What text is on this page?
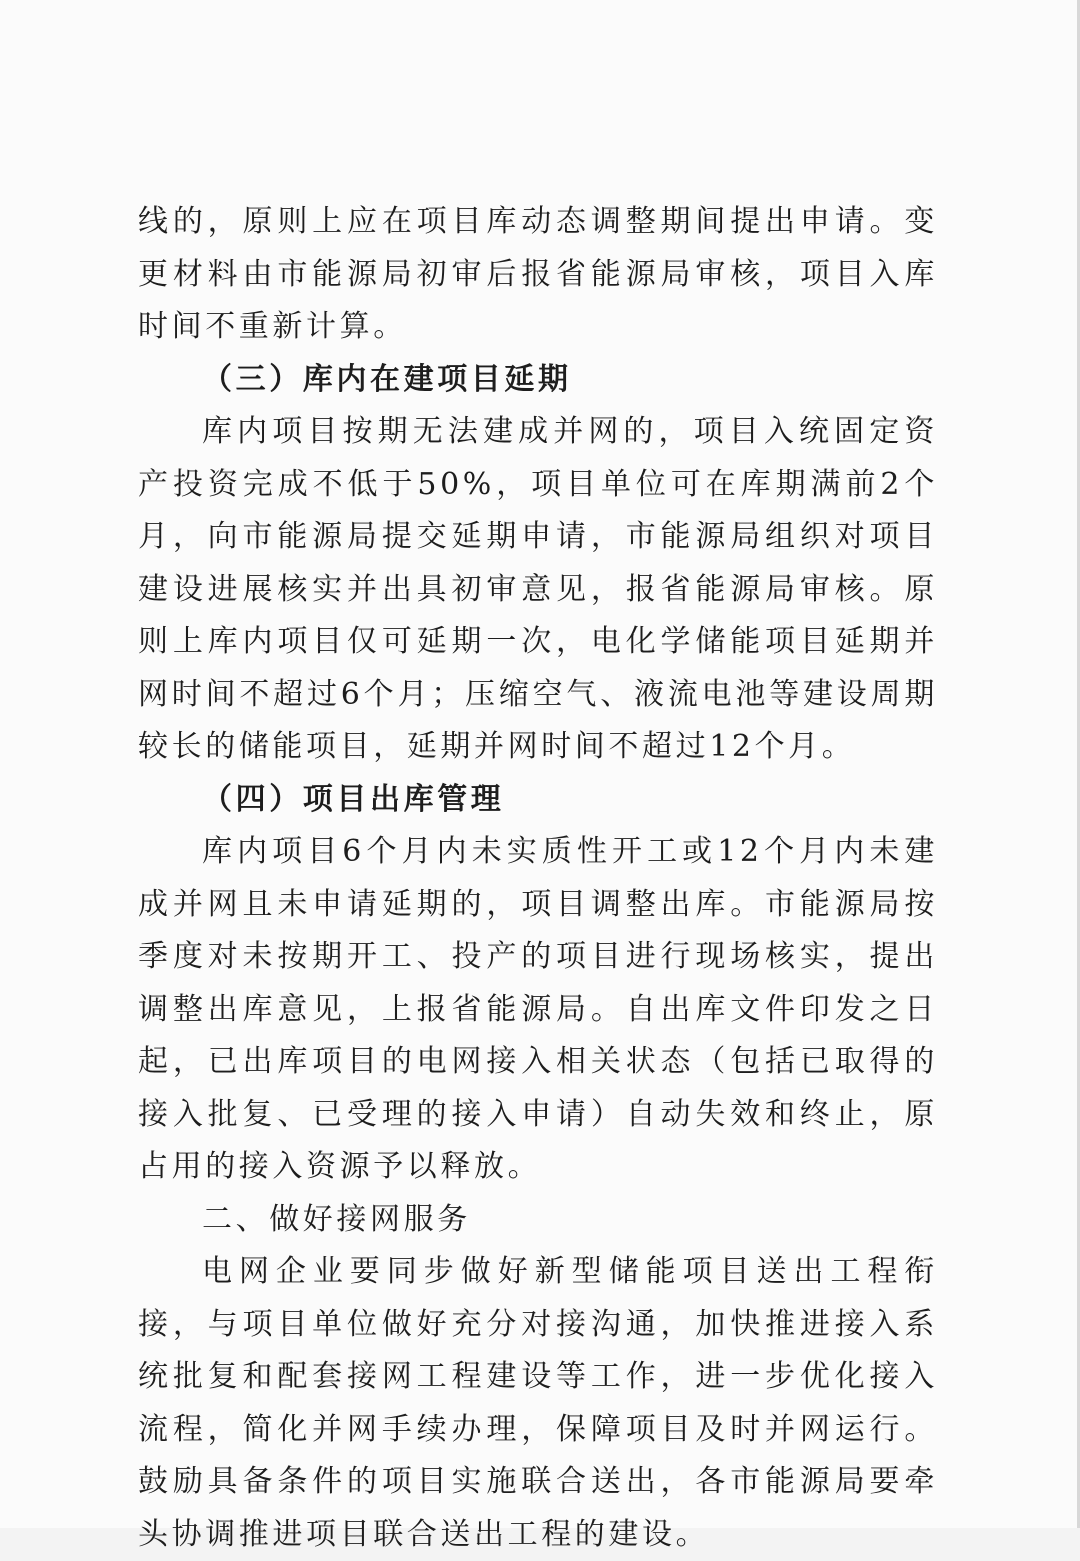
线的，原则上应在项目库动态调整期间提出申请。变更材料由市能源局初审后报省能源局审核，项目入库时间不重新计算。

（三）库内在建项目延期

库内项目按期无法建成并网的，项目入统固定资产投资完成不低于50%，项目单位可在库期满前2个月，向市能源局提交延期申请，市能源局组织对项目建设进展核实并出具初审意见，报省能源局审核。原则上库内项目仅可延期一次，电化学储能项目延期并网时间不超过6个月；压缩空气、液流电池等建设周期较长的储能项目，延期并网时间不超过12个月。

（四）项目出库管理

库内项目6个月内未实质性开工或12个月内未建成并网且未申请延期的，项目调整出库。市能源局按季度对未按期开工、投产的项目进行现场核实，提出调整出库意见，上报省能源局。自出库文件印发之日起，已出库项目的电网接入相关状态（包括已取得的接入批复、已受理的接入申请）自动失效和终止，原占用的接入资源予以释放。

二、做好接网服务

电网企业要同步做好新型储能项目送出工程衔接，与项目单位做好充分对接沟通，加快推进接入系统批复和配套接网工程建设等工作，进一步优化接入流程，简化并网手续办理，保障项目及时并网运行。鼓励具备条件的项目实施联合送出，各市能源局要牵头协调推进项目联合送出工程的建设。
